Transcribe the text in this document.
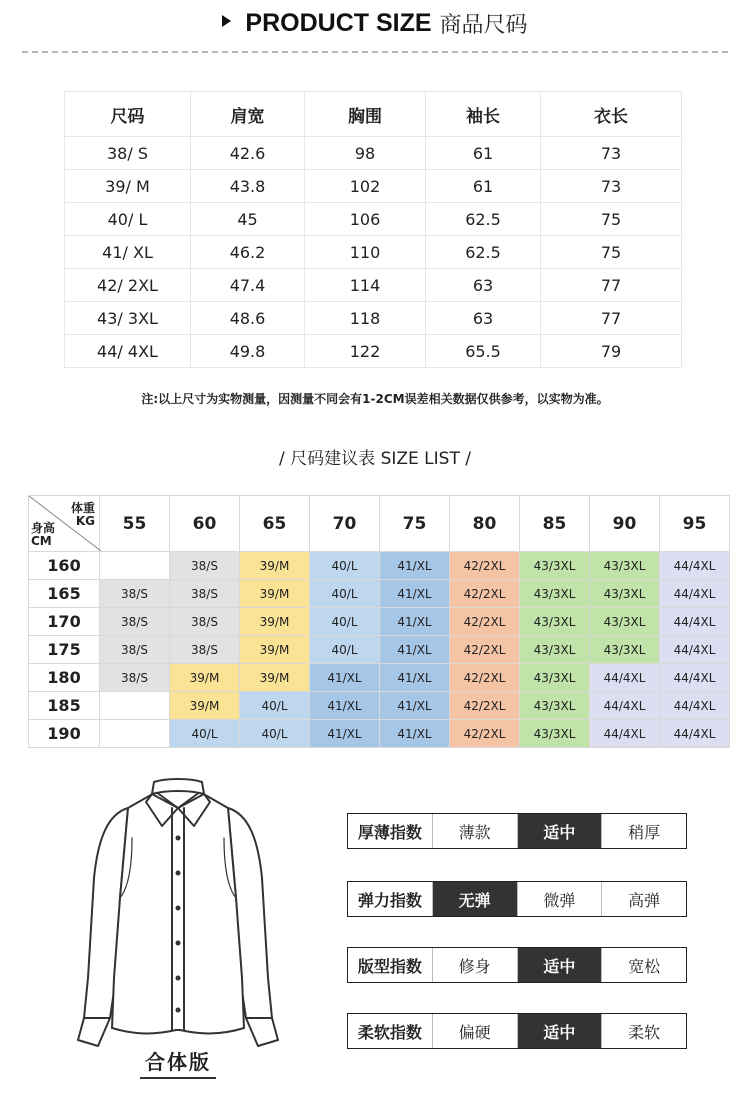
PRODUCT SIZE 商品尺码
尺码	肩宽	胸围	袖长	衣长
38/ S	42.6	98	61	73
39/ M	43.8	102	61	73
40/ L	45	106	62.5	75
41/ XL	46.2	110	62.5	75
42/ 2XL	47.4	114	63	77
43/ 3XL	48.6	118	63	77
44/ 4XL	49.8	122	65.5	79
注:以上尺寸为实物测量，因测量不同会有1-2CM误差相关数据仅供参考，以实物为准。
/ 尺码建议表 SIZE LIST /
体重
KG
身高
CM	55	60	65	70	75	80	85	90	95
160		38/S	39/M	40/L	41/XL	42/2XL	43/3XL	43/3XL	44/4XL
165	38/S	38/S	39/M	40/L	41/XL	42/2XL	43/3XL	43/3XL	44/4XL
170	38/S	38/S	39/M	40/L	41/XL	42/2XL	43/3XL	43/3XL	44/4XL
175	38/S	38/S	39/M	40/L	41/XL	42/2XL	43/3XL	43/3XL	44/4XL
180	38/S	39/M	39/M	41/XL	41/XL	42/2XL	43/3XL	44/4XL	44/4XL
185		39/M	40/L	41/XL	41/XL	42/2XL	43/3XL	44/4XL	44/4XL
190		40/L	40/L	41/XL	41/XL	42/2XL	43/3XL	44/4XL	44/4XL
合体版
厚薄指数	薄款	适中	稍厚
弹力指数	无弹	微弹	高弹
版型指数	修身	适中	宽松
柔软指数	偏硬	适中	柔软
